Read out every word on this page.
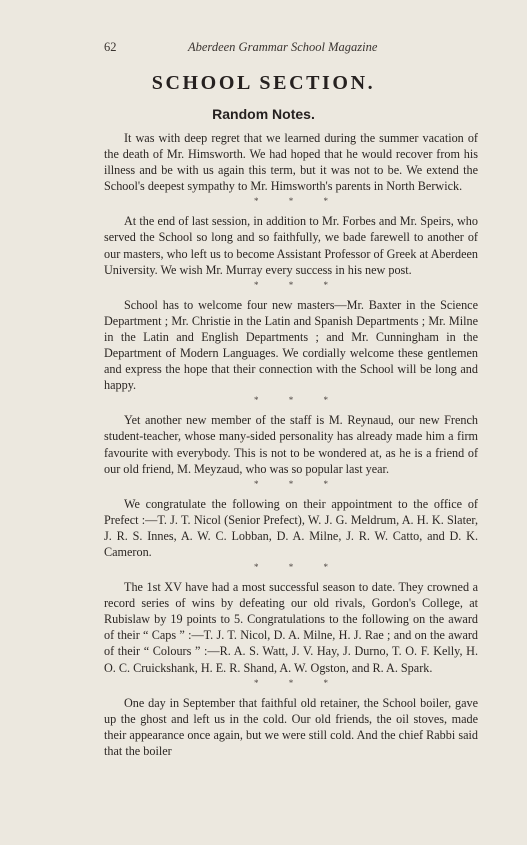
62	Aberdeen Grammar School Magazine
SCHOOL SECTION.
Random Notes.

It was with deep regret that we learned during the summer vacation of the death of Mr. Himsworth. We had hoped that he would recover from his illness and be with us again this term, but it was not to be. We extend the School's deepest sympathy to Mr. Himsworth's parents in North Berwick.

* * *

At the end of last session, in addition to Mr. Forbes and Mr. Speirs, who served the School so long and so faithfully, we bade farewell to another of our masters, who left us to become Assistant Professor of Greek at Aberdeen University. We wish Mr. Murray every success in his new post.

* * *

School has to welcome four new masters—Mr. Baxter in the Science Department ; Mr. Christie in the Latin and Spanish Departments ; Mr. Milne in the Latin and English Departments ; and Mr. Cunningham in the Department of Modern Languages. We cordially welcome these gentlemen and express the hope that their connection with the School will be long and happy.

* * *

Yet another new member of the staff is M. Reynaud, our new French student-teacher, whose many-sided personality has already made him a firm favourite with everybody. This is not to be wondered at, as he is a friend of our old friend, M. Meyzaud, who was so popular last year.

* * *

We congratulate the following on their appointment to the office of Prefect :—T. J. T. Nicol (Senior Prefect), W. J. G. Meldrum, A. H. K. Slater, J. R. S. Innes, A. W. C. Lobban, D. A. Milne, J. R. W. Catto, and D. K. Cameron.

* * *

The 1st XV have had a most successful season to date. They crowned a record series of wins by defeating our old rivals, Gordon's College, at Rubislaw by 19 points to 5. Congratulations to the following on the award of their “ Caps ” :—T. J. T. Nicol, D. A. Milne, H. J. Rae ; and on the award of their “ Colours ” :—R. A. S. Watt, J. V. Hay, J. Durno, T. O. F. Kelly, H. O. C. Cruickshank, H. E. R. Shand, A. W. Ogston, and R. A. Spark.

* * *

One day in September that faithful old retainer, the School boiler, gave up the ghost and left us in the cold. Our old friends, the oil stoves, made their appearance once again, but we were still cold. And the chief Rabbi said that the boiler
